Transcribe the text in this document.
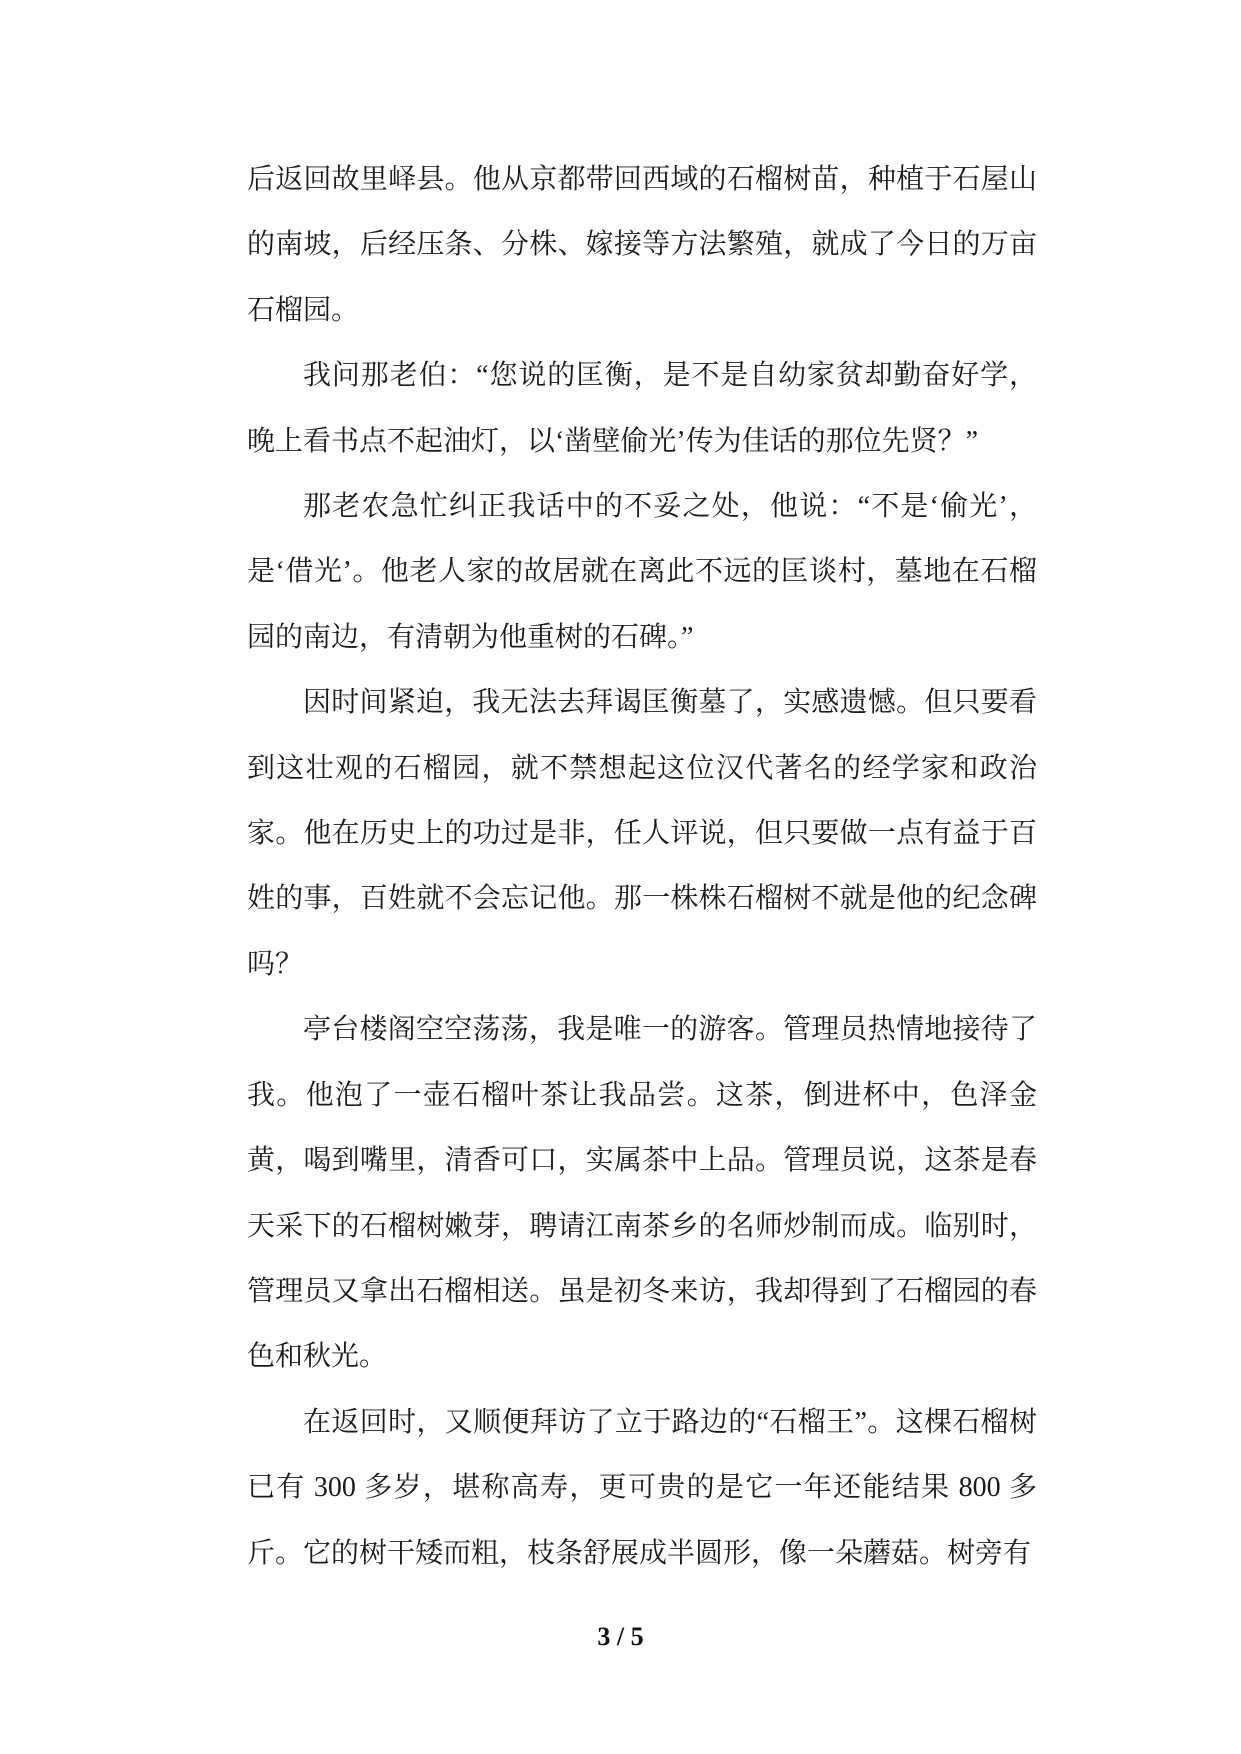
后返回故里峄县。他从京都带回西域的石榴树苗，种植于石屋山的南坡，后经压条、分株、嫁接等方法繁殖，就成了今日的万亩石榴园。

我问那老伯：“您说的匡衡，是不是自幼家贫却勤奋好学，晚上看书点不起油灯，以‘凿壁偷光’传为佳话的那位先贤？”

那老农急忙纠正我话中的不妥之处，他说：“不是‘偷光’，是‘借光’。他老人家的故居就在离此不远的匡谈村，墓地在石榴园的南边，有清朝为他重树的石碑。”

因时间紧迫，我无法去拜谒匡衡墓了，实感遗憾。但只要看到这壮观的石榴园，就不禁想起这位汉代著名的经学家和政治家。他在历史上的功过是非，任人评说，但只要做一点有益于百姓的事，百姓就不会忘记他。那一株株石榴树不就是他的纪念碑吗？

亭台楼阁空空荡荡，我是唯一的游客。管理员热情地接待了我。他泡了一壶石榴叶茶让我品尝。这茶，倒进杯中，色泽金黄，喝到嘴里，清香可口，实属茶中上品。管理员说，这茶是春天采下的石榴树嫩芽，聘请江南茶乡的名师炒制而成。临别时，管理员又拿出石榴相送。虽是初冬来访，我却得到了石榴园的春色和秋光。

在返回时，又顺便拜访了立于路边的“石榴王”。这棵石榴树已有 300 多岁，堪称高寿，更可贵的是它一年还能结果 800 多斤。它的树干矮而粗，枝条舒展成半圆形，像一朵蘑菇。树旁有

3 / 5
